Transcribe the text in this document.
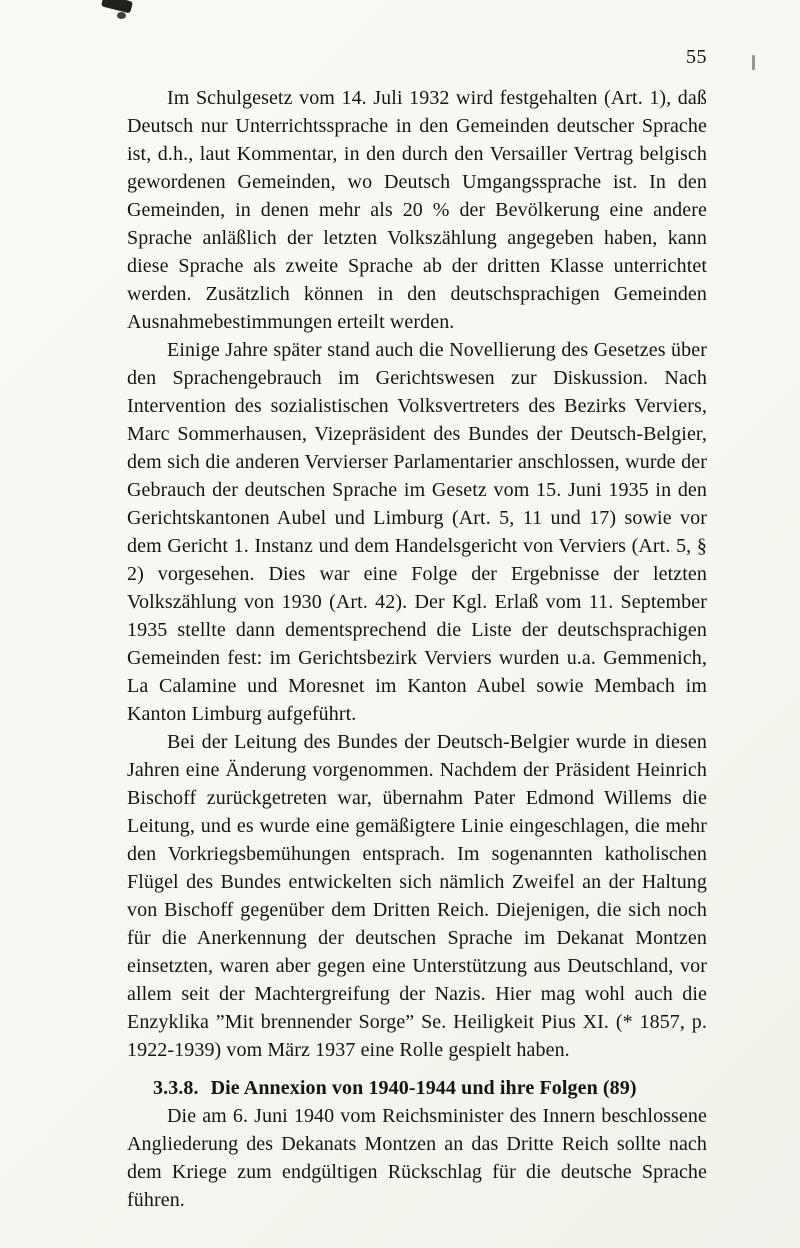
55

Im Schulgesetz vom 14. Juli 1932 wird festgehalten (Art. 1), daß Deutsch nur Unterrichtssprache in den Gemeinden deutscher Sprache ist, d.h., laut Kommentar, in den durch den Versailler Vertrag belgisch gewordenen Gemeinden, wo Deutsch Umgangssprache ist. In den Gemeinden, in denen mehr als 20 % der Bevölkerung eine andere Sprache anläßlich der letzten Volkszählung angegeben haben, kann diese Sprache als zweite Sprache ab der dritten Klasse unterrichtet werden. Zusätzlich können in den deutschsprachigen Gemeinden Ausnahmebestimmungen erteilt werden.

Einige Jahre später stand auch die Novellierung des Gesetzes über den Sprachengebrauch im Gerichtswesen zur Diskussion. Nach Intervention des sozialistischen Volksvertreters des Bezirks Verviers, Marc Sommerhausen, Vizepräsident des Bundes der Deutsch-Belgier, dem sich die anderen Vervierser Parlamentarier anschlossen, wurde der Gebrauch der deutschen Sprache im Gesetz vom 15. Juni 1935 in den Gerichtskantonen Aubel und Limburg (Art. 5, 11 und 17) sowie vor dem Gericht 1. Instanz und dem Handelsgericht von Verviers (Art. 5, § 2) vorgesehen. Dies war eine Folge der Ergebnisse der letzten Volkszählung von 1930 (Art. 42). Der Kgl. Erlaß vom 11. September 1935 stellte dann dementsprechend die Liste der deutschsprachigen Gemeinden fest: im Gerichtsbezirk Verviers wurden u.a. Gemmenich, La Calamine und Moresnet im Kanton Aubel sowie Membach im Kanton Limburg aufgeführt.

Bei der Leitung des Bundes der Deutsch-Belgier wurde in diesen Jahren eine Änderung vorgenommen. Nachdem der Präsident Heinrich Bischoff zurückgetreten war, übernahm Pater Edmond Willems die Leitung, und es wurde eine gemäßigtere Linie eingeschlagen, die mehr den Vorkriegsbemühungen entsprach. Im sogenannten katholischen Flügel des Bundes entwickelten sich nämlich Zweifel an der Haltung von Bischoff gegenüber dem Dritten Reich. Diejenigen, die sich noch für die Anerkennung der deutschen Sprache im Dekanat Montzen einsetzten, waren aber gegen eine Unterstützung aus Deutschland, vor allem seit der Machtergreifung der Nazis. Hier mag wohl auch die Enzyklika ”Mit brennender Sorge” Se. Heiligkeit Pius XI. (* 1857, p. 1922-1939) vom März 1937 eine Rolle gespielt haben.

3.3.8. Die Annexion von 1940-1944 und ihre Folgen (89)

Die am 6. Juni 1940 vom Reichsminister des Innern beschlossene Angliederung des Dekanats Montzen an das Dritte Reich sollte nach dem Kriege zum endgültigen Rückschlag für die deutsche Sprache führen.
